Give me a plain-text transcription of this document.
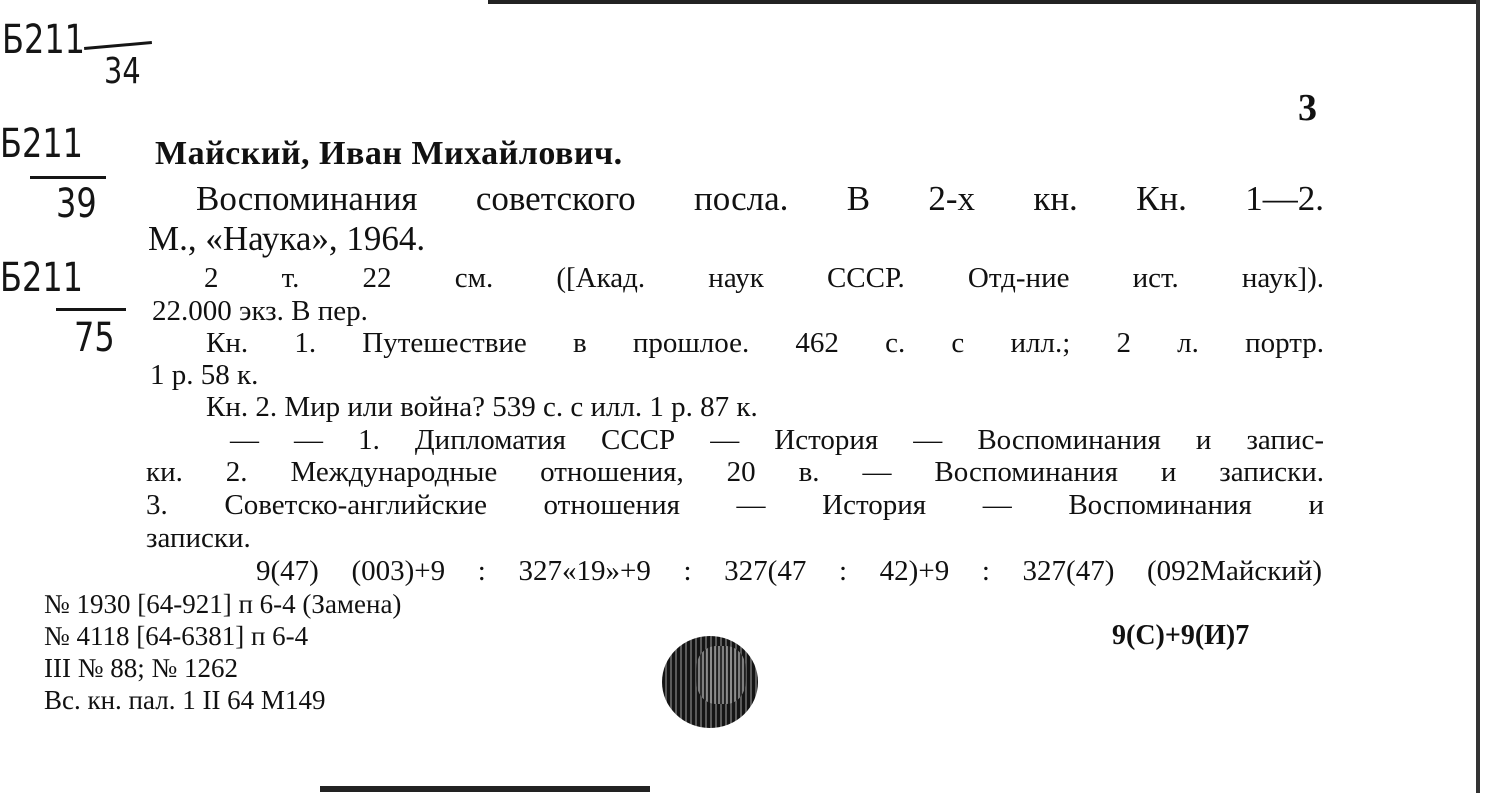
Б211
34
Б211
39
Б211
75
3
Майский, Иван Михайлович.
Воспоминания советского посла. В 2-х кн. Кн. 1—2.
М., «Наука», 1964.
2 т. 22 см. ([Акад. наук СССР. Отд-ние ист. наук]).
22.000 экз. В пер.
Кн. 1. Путешествие в прошлое. 462 с. с илл.; 2 л. портр.
1 р. 58 к.
Кн. 2. Мир или война? 539 с. с илл. 1 р. 87 к.
— — 1. Дипломатия СССР — История — Воспоминания и запис-
ки. 2. Международные отношения, 20 в. — Воспоминания и записки.
3. Советско-английские отношения — История — Воспоминания и
записки.
9(47) (003)+9 : 327«19»+9 : 327(47 : 42)+9 : 327(47) (092Майский)
№ 1930 [64-921] п 6-4 (Замена)
№ 4118 [64-6381] п 6-4
III № 88; № 1262
Вс. кн. пал. 1 II 64 М149
9(С)+9(И)7
